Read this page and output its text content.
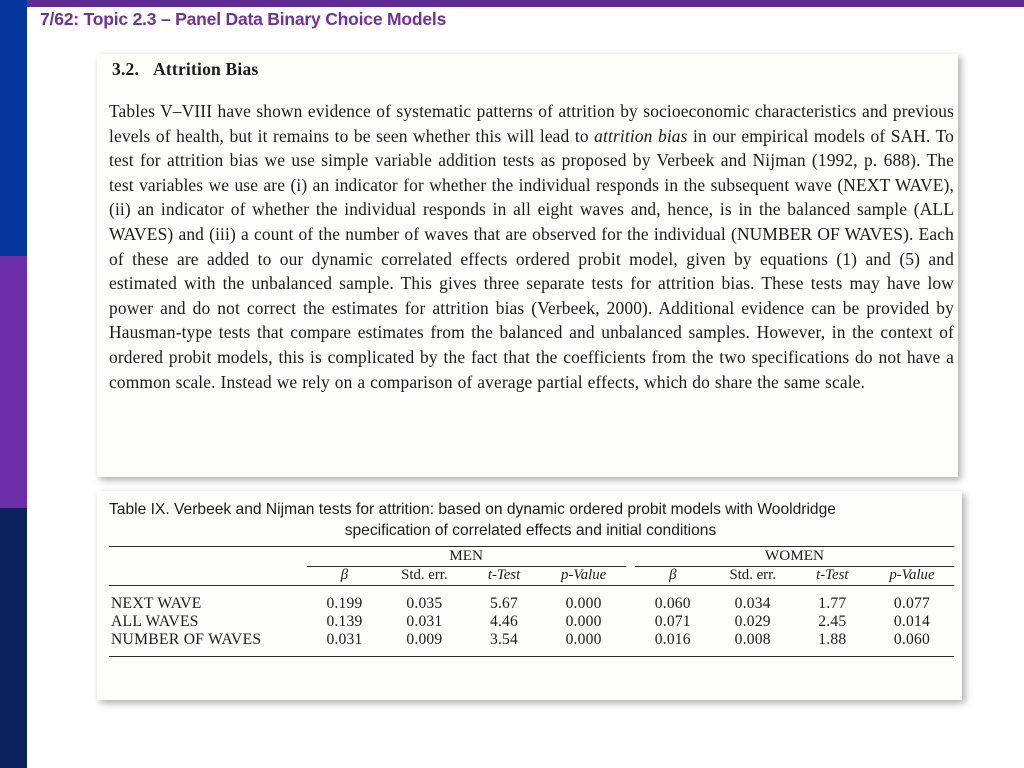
7/62: Topic 2.3 – Panel Data Binary Choice Models
3.2. Attrition Bias
Tables V–VIII have shown evidence of systematic patterns of attrition by socioeconomic characteristics and previous levels of health, but it remains to be seen whether this will lead to attrition bias in our empirical models of SAH. To test for attrition bias we use simple variable addition tests as proposed by Verbeek and Nijman (1992, p. 688). The test variables we use are (i) an indicator for whether the individual responds in the subsequent wave (NEXT WAVE), (ii) an indicator of whether the individual responds in all eight waves and, hence, is in the balanced sample (ALL WAVES) and (iii) a count of the number of waves that are observed for the individual (NUMBER OF WAVES). Each of these are added to our dynamic correlated effects ordered probit model, given by equations (1) and (5) and estimated with the unbalanced sample. This gives three separate tests for attrition bias. These tests may have low power and do not correct the estimates for attrition bias (Verbeek, 2000). Additional evidence can be provided by Hausman-type tests that compare estimates from the balanced and unbalanced samples. However, in the context of ordered probit models, this is complicated by the fact that the coefficients from the two specifications do not have a common scale. Instead we rely on a comparison of average partial effects, which do share the same scale.
Table IX. Verbeek and Nijman tests for attrition: based on dynamic ordered probit models with Wooldridge
specification of correlated effects and initial conditions

	MEN					WOMEN			

	β	Std. err.	t-Test	p-Value		β	Std. err.	t-Test	p-Value

NEXT WAVE	0.199	0.035	5.67	0.000		0.060	0.034	1.77	0.077
ALL WAVES	0.139	0.031	4.46	0.000		0.071	0.029	2.45	0.014
NUMBER OF WAVES	0.031	0.009	3.54	0.000		0.016	0.008	1.88	0.060
